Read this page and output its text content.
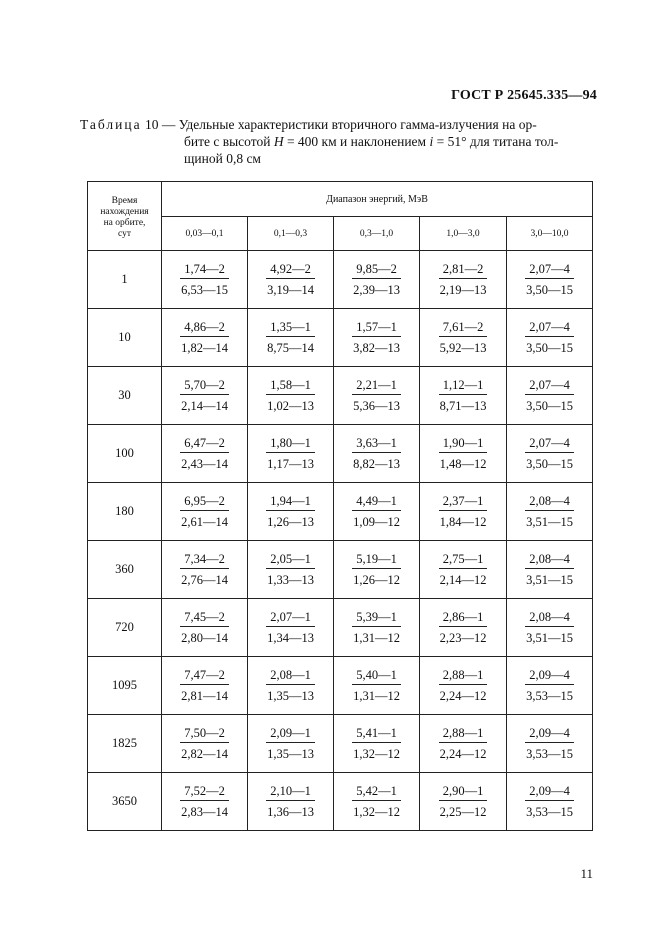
ГОСТ Р 25645.335—94
Таблица 10 — Удельные характеристики вторичного гамма-излучения на ор-
бите с высотой H = 400 км и наклонением i = 51° для титана тол-
щиной 0,8 см
Время
нахождения
на орбите,
сут	Диапазон энергий, МэВ				
	0,03—0,1	0,1—0,3	0,3—1,0	1,0—3,0	3,0—10,0
1	$\frac{1,74—2}{6,53—15}$	$\frac{4,92—2}{3,19—14}$	$\frac{9,85—2}{2,39—13}$	$\frac{2,81—2}{2,19—13}$	$\frac{2,07—4}{3,50—15}$

10	$\frac{4,86—2}{1,82—14}$	$\frac{1,35—1}{8,75—14}$	$\frac{1,57—1}{3,82—13}$	$\frac{7,61—2}{5,92—13}$	$\frac{2,07—4}{3,50—15}$

30	$\frac{5,70—2}{2,14—14}$	$\frac{1,58—1}{1,02—13}$	$\frac{2,21—1}{5,36—13}$	$\frac{1,12—1}{8,71—13}$	$\frac{2,07—4}{3,50—15}$

100	$\frac{6,47—2}{2,43—14}$	$\frac{1,80—1}{1,17—13}$	$\frac{3,63—1}{8,82—13}$	$\frac{1,90—1}{1,48—12}$	$\frac{2,07—4}{3,50—15}$

180	$\frac{6,95—2}{2,61—14}$	$\frac{1,94—1}{1,26—13}$	$\frac{4,49—1}{1,09—12}$	$\frac{2,37—1}{1,84—12}$	$\frac{2,08—4}{3,51—15}$

360	$\frac{7,34—2}{2,76—14}$	$\frac{2,05—1}{1,33—13}$	$\frac{5,19—1}{1,26—12}$	$\frac{2,75—1}{2,14—12}$	$\frac{2,08—4}{3,51—15}$

720	$\frac{7,45—2}{2,80—14}$	$\frac{2,07—1}{1,34—13}$	$\frac{5,39—1}{1,31—12}$	$\frac{2,86—1}{2,23—12}$	$\frac{2,08—4}{3,51—15}$

1095	$\frac{7,47—2}{2,81—14}$	$\frac{2,08—1}{1,35—13}$	$\frac{5,40—1}{1,31—12}$	$\frac{2,88—1}{2,24—12}$	$\frac{2,09—4}{3,53—15}$

1825	$\frac{7,50—2}{2,82—14}$	$\frac{2,09—1}{1,35—13}$	$\frac{5,41—1}{1,32—12}$	$\frac{2,88—1}{2,24—12}$	$\frac{2,09—4}{3,53—15}$

3650	$\frac{7,52—2}{2,83—14}$	$\frac{2,10—1}{1,36—13}$	$\frac{5,42—1}{1,32—12}$	$\frac{2,90—1}{2,25—12}$	$\frac{2,09—4}{3,53—15}$
11
